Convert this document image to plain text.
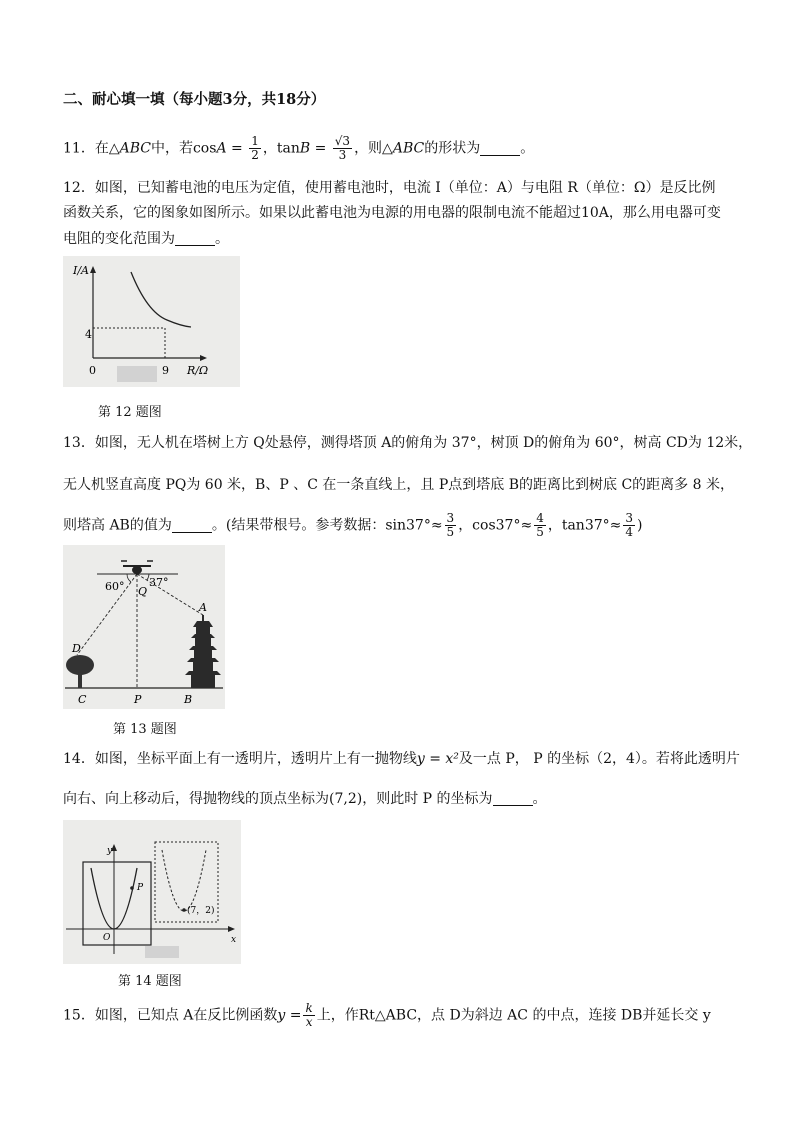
二、耐心填一填（每小题3分，共18分）
11．在△ABC中，若$\cos A = \frac{1}{2}$ ，$\tan B = \frac{√3}{3}$ ，则△ABC的形状为	。
12．如图，已知蓄电池的电压为定值，使用蓄电池时，电流 I（单位：A）与电阻 R（单位：Ω）是反比例
函数关系，它的图象如图所示。如果以此蓄电池为电源的用电器的限制电流不能超过10A，那么用电器可变
电阻的变化范围为	。
I/A
4
0	9 R/Ω
第 12 题图
13．如图，无人机在塔树上方 Q处悬停，测得塔顶 A的俯角为 37°，树顶 D的俯角为 60°，树高 CD为 12米，
无人机竖直高度 PQ为 60 米，B、P 、C 在一条直线上，且 P点到塔底 B的距离比到树底 C的距离多 8 米，
则塔高 AB的值为	。(结果带根号。参考数据：$\sin 37^\circ\approx \frac{3}{5}$ ，$\cos 37^\circ\approx \frac{4}{5}$ ，$\tan 37^\circ\approx \frac{3}{4}$ )
60° 37°
Q
A
D
C	P	B
第 13 题图
14．如图，坐标平面上有一透明片，透明片上有一抛物线y = x²及一点 P， P 的坐标（2，4）。若将此透明片
向右、向上移动后，得抛物线的顶点坐标为(7,2)，则此时 P 的坐标为	。
y
x
O
P
(7，2)
第 14 题图
15．如图，已知点 A在反比例函数$y = \frac{k}{x}$ 上，作Rt△ABC，点 D为斜边 AC 的中点，连接 DB并延长交 y
